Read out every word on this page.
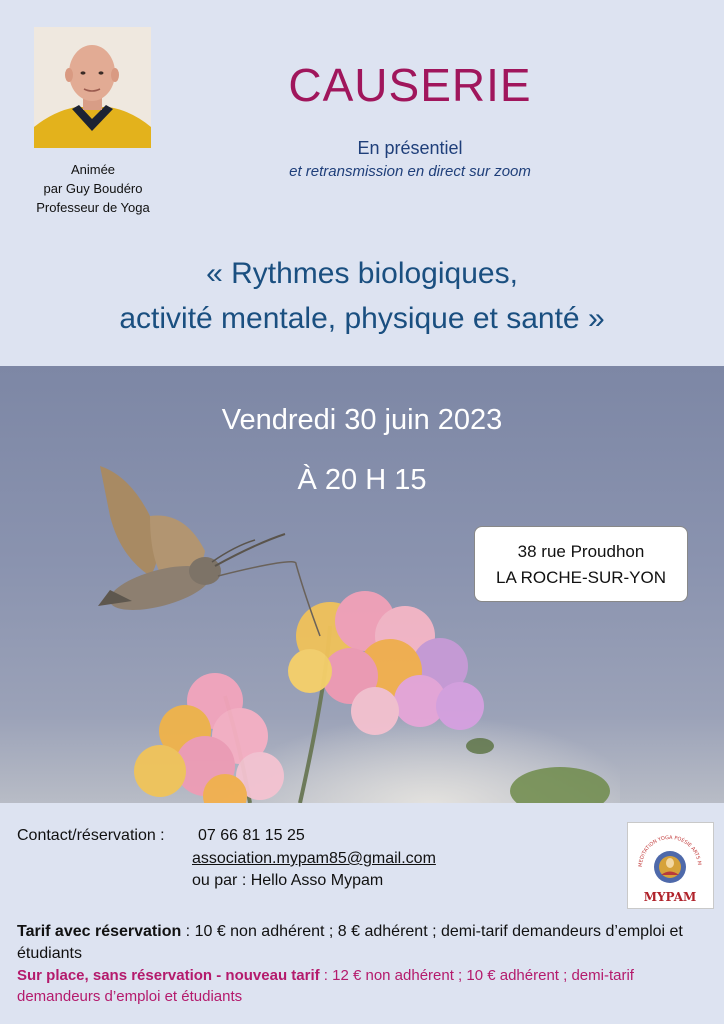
Animée
par Guy Boudéro
Professeur de Yoga
CAUSERIE
En présentiel
et retransmission en direct sur zoom
« Rythmes biologiques,
activité mentale, physique et santé »
Vendredi 30 juin 2023
À 20 H 15
38 rue Proudhon
LA ROCHE-SUR-YON
Contact/réservation : 07 66 81 15 25
association.mypam85@gmail.com
ou par : Hello Asso Mypam
MEDITATION YOGA POÉSIE ARTS M
MYPAM
Tarif avec réservation : 10 € non adhérent ; 8 € adhérent ; demi-tarif demandeurs d’emploi et étudiants
Sur place, sans réservation - nouveau tarif : 12 € non adhérent ; 10 € adhérent ; demi-tarif demandeurs d’emploi et étudiants
